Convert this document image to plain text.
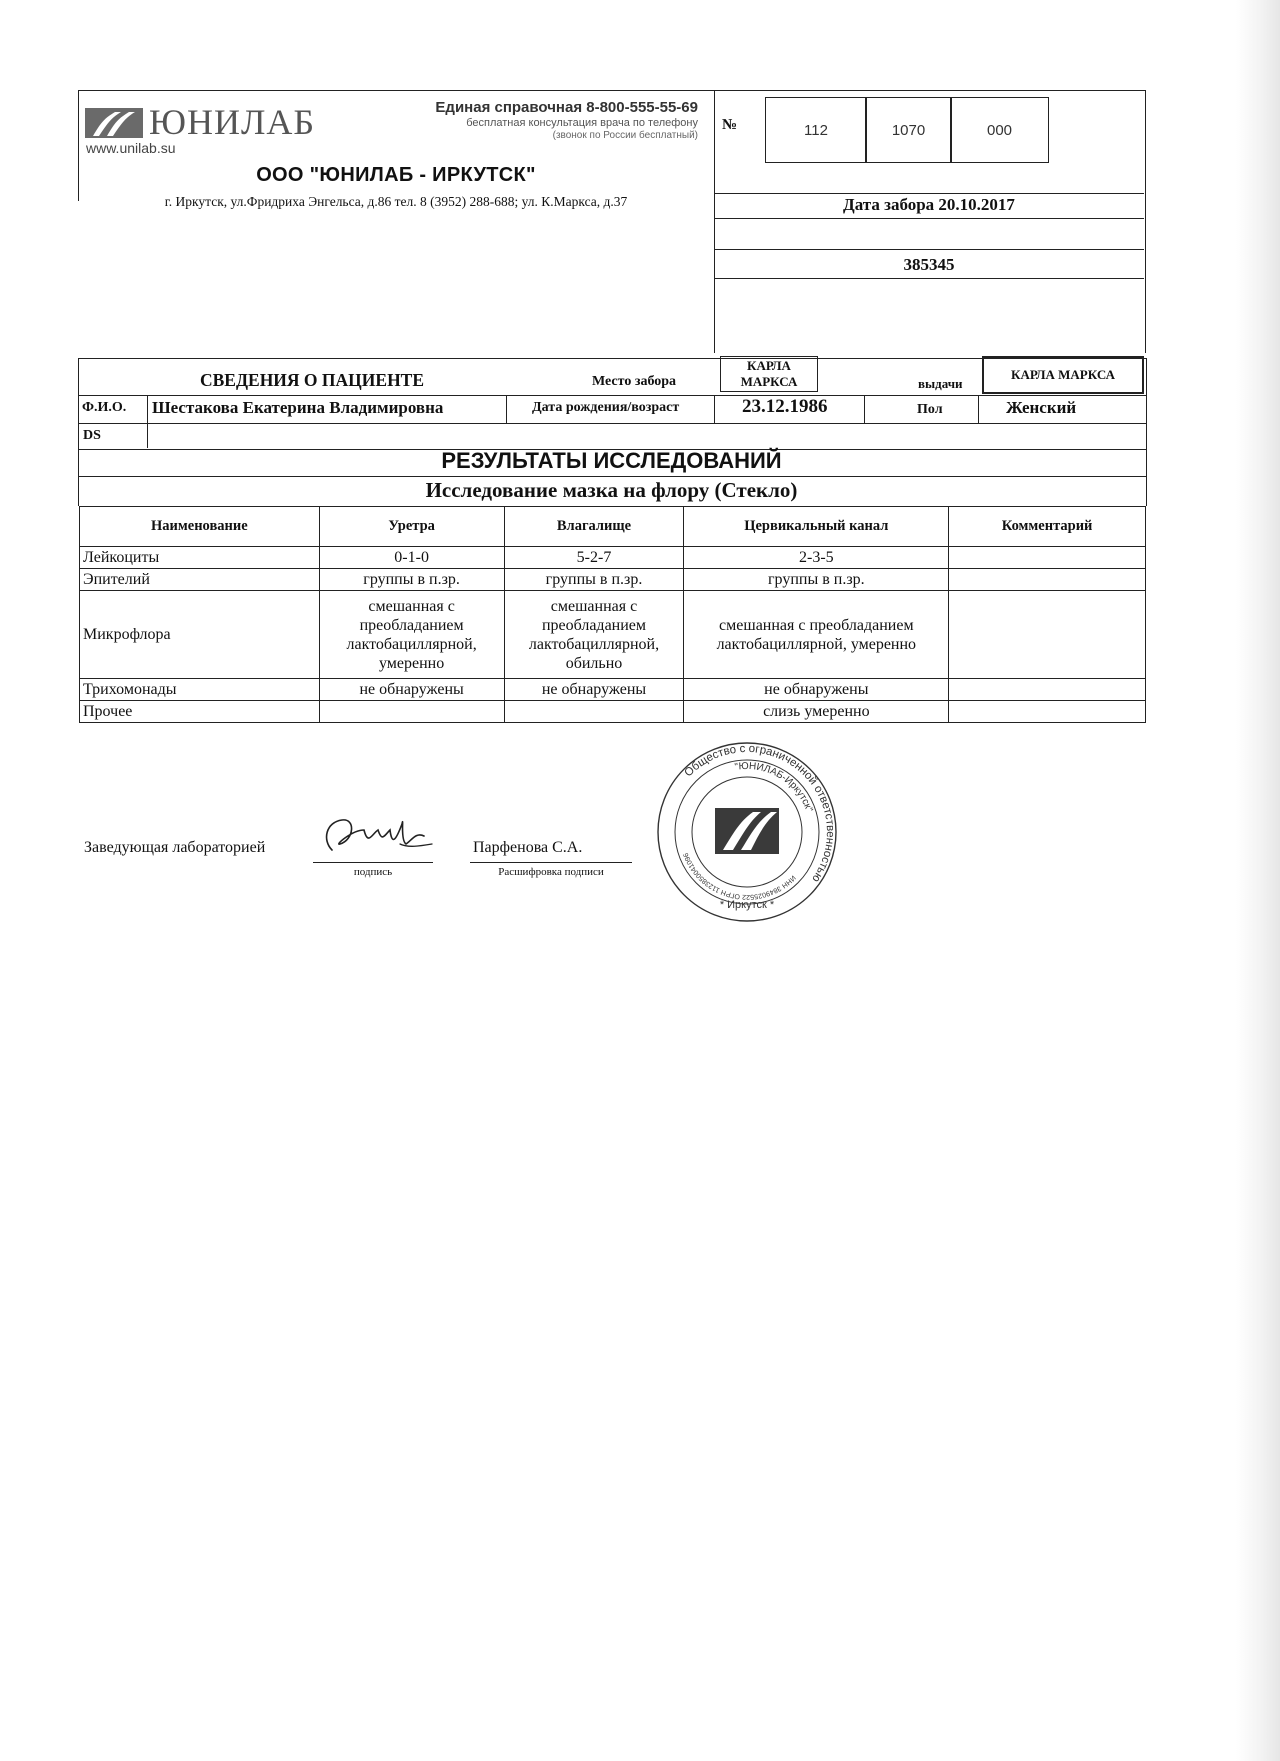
ЮНИЛАБ
www.unilab.su
Единая справочная 8-800-555-55-69
бесплатная консультация врача по телефону
(звонок по России бесплатный)
ООО "ЮНИЛАБ - ИРКУТСК"
г. Иркутск, ул.Фридриха Энгельса, д.86 тел. 8 (3952) 288-688; ул. К.Маркса, д.37
№	112	1070	000
Дата забора 20.10.2017
385345
СВЕДЕНИЯ О ПАЦИЕНТЕ	Место забора
КАРЛА МАРКСА	выдачи
КАРЛА МАРКСА
Ф.И.О. Шестакова Екатерина Владимировна	Дата рождения/возраст	23.12.1986	Пол	Женский
DS
РЕЗУЛЬТАТЫ ИССЛЕДОВАНИЙ
Исследование мазка на флору (Стекло)
Наименование	Уретра	Влагалище	Цервикальный канал	Комментарий
Лейкоциты	0-1-0	5-2-7	2-3-5	
Эпителий	группы в п.зр.	группы в п.зр.	группы в п.зр.	
Микрофлора	смешанная с преобладанием лактобациллярной, умеренно	смешанная с преобладанием лактобациллярной, обильно	смешанная с преобладанием лактобациллярной, умеренно	
Трихомонады	не обнаружены	не обнаружены	не обнаружены	
Прочее			слизь умеренно	
Заведующая лабораторией
подпись
Парфенова С.А.
Расшифровка подписи
Общество с ограниченной ответственностью
"ЮНИЛАБ-Иркутск"
ИНН 3849025522 ОГРН 1123850041096
* Иркутск *
